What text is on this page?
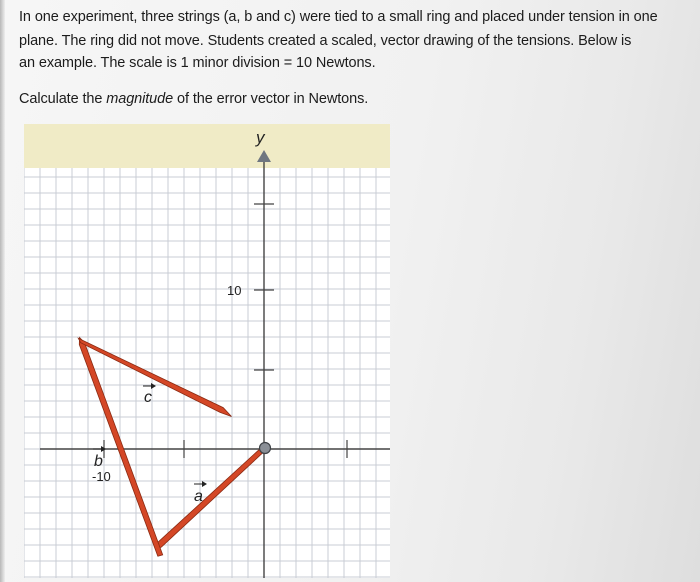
In one experiment, three strings (a, b and c) were tied to a small ring and placed under tension in one
plane. The ring did not move. Students created a scaled, vector drawing of the tensions. Below is
an example. The scale is 1 minor division = 10 Newtons.
Calculate the magnitude of the error vector in Newtons.
y
10
-10
a
b
c
